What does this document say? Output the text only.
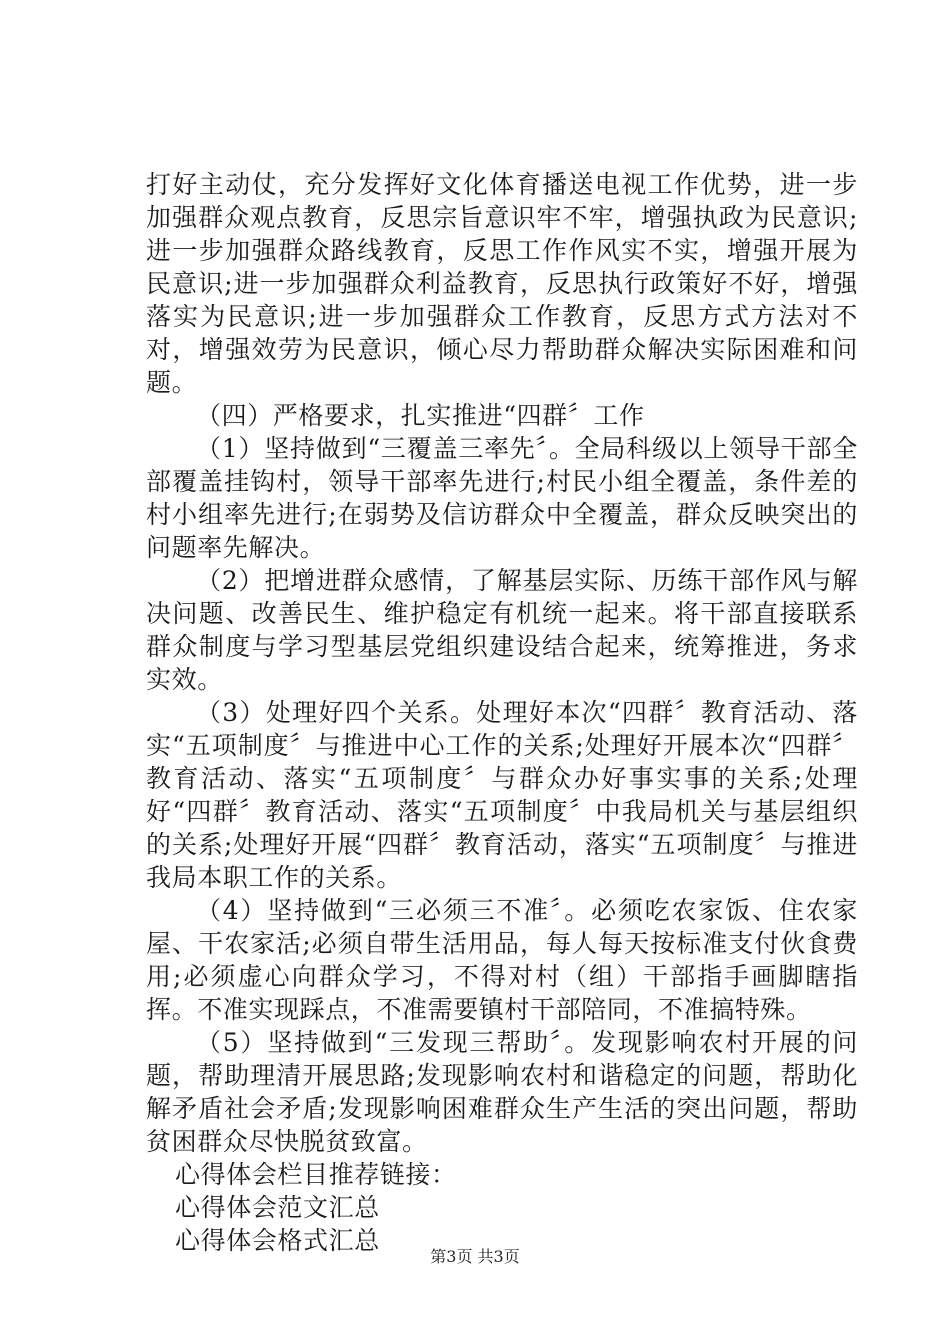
打好主动仗，充分发挥好文化体育播送电视工作优势，进一步加强群众观点教育，反思宗旨意识牢不牢，增强执政为民意识;进一步加强群众路线教育，反思工作作风实不实，增强开展为民意识;进一步加强群众利益教育，反思执行政策好不好，增强落实为民意识;进一步加强群众工作教育，反思方式方法对不对，增强效劳为民意识，倾心尽力帮助群众解决实际困难和问题。

（四）严格要求，扎实推进“四群〞工作

（1）坚持做到“三覆盖三率先〞。全局科级以上领导干部全部覆盖挂钩村，领导干部率先进行;村民小组全覆盖，条件差的村小组率先进行;在弱势及信访群众中全覆盖，群众反映突出的问题率先解决。

（2）把增进群众感情，了解基层实际、历练干部作风与解决问题、改善民生、维护稳定有机统一起来。将干部直接联系群众制度与学习型基层党组织建设结合起来，统筹推进，务求实效。

（3）处理好四个关系。处理好本次“四群〞教育活动、落实“五项制度〞与推进中心工作的关系;处理好开展本次“四群〞教育活动、落实“五项制度〞与群众办好事实事的关系;处理好“四群〞教育活动、落实“五项制度〞中我局机关与基层组织的关系;处理好开展“四群〞教育活动，落实“五项制度〞与推进我局本职工作的关系。

（4）坚持做到“三必须三不准〞。必须吃农家饭、住农家屋、干农家活;必须自带生活用品，每人每天按标准支付伙食费用;必须虚心向群众学习，不得对村（组）干部指手画脚瞎指挥。不准实现踩点，不准需要镇村干部陪同，不准搞特殊。

（5）坚持做到“三发现三帮助〞。发现影响农村开展的问题，帮助理清开展思路;发现影响农村和谐稳定的问题，帮助化解矛盾社会矛盾;发现影响困难群众生产生活的突出问题，帮助贫困群众尽快脱贫致富。

心得体会栏目推荐链接：

心得体会范文汇总

心得体会格式汇总

第3页 共3页
